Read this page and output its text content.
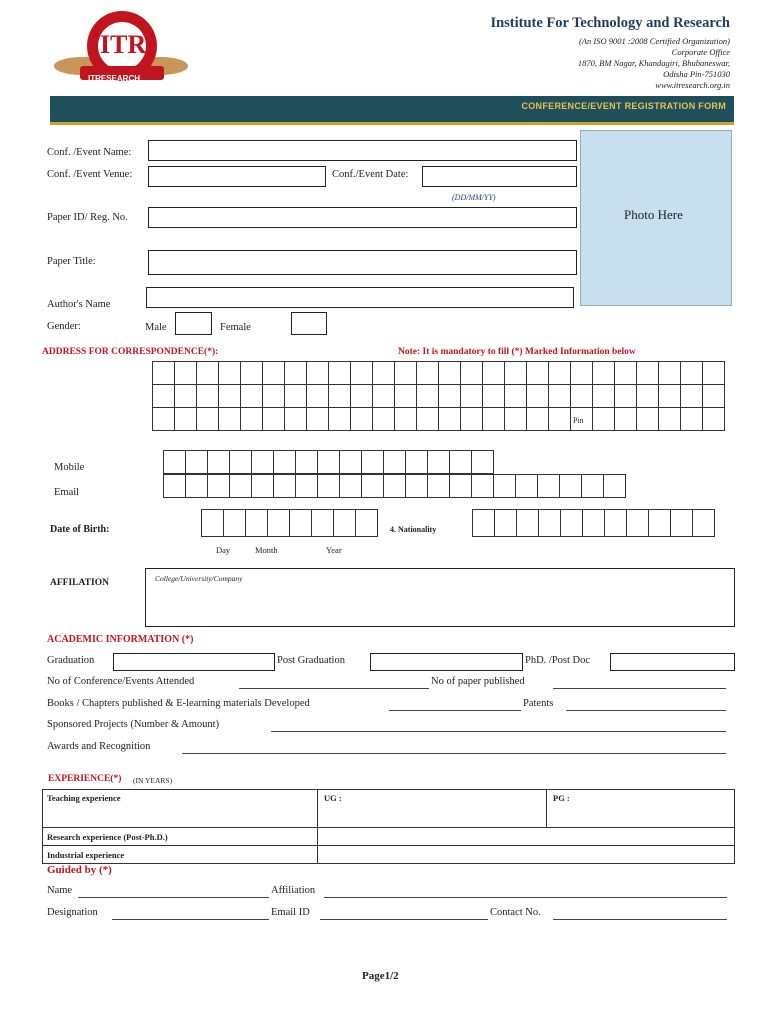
ITR
ITRESEARCH
Institute For Technology and Research
(An ISO 9001 :2008 Certified Organization)
Corporate Office
1870, BM Nagar, Khandagiri, Bhubaneswar,
Odisha Pin-751030
www.itresearch.org.in
CONFERENCE/EVENT REGISTRATION FORM
Photo Here
Conf. /Event Name:
Conf. /Event Venue:	Conf./Event Date:
(DD/MM/YY)
Paper ID/ Reg. No.
Paper Title:
Author's Name
Gender:	Male	Female
ADDRESS FOR CORRESPONDENCE(*):	Note: It is mandatory to fill (*) Marked Information below

Pin
Mobile

Email

Date of Birth:
								4. Nationality

Day	Month	Year
AFFILATION	College/University/Company
ACADEMIC INFORMATION (*)
Graduation	Post Graduation	PhD. /Post Doc
No of Conference/Events Attended	No of paper published
Books / Chapters published & E-learning materials Developed	Patents
Sponsored Projects (Number & Amount)
Awards and Recognition
EXPERIENCE(*) (IN YEARS)
Teaching experience	UG :	PG :
Research experience (Post-Ph.D.)		
Industrial experience		
Guided by (*)
Name	Affiliation
Designation	Email ID	Contact No.
Page1/2
